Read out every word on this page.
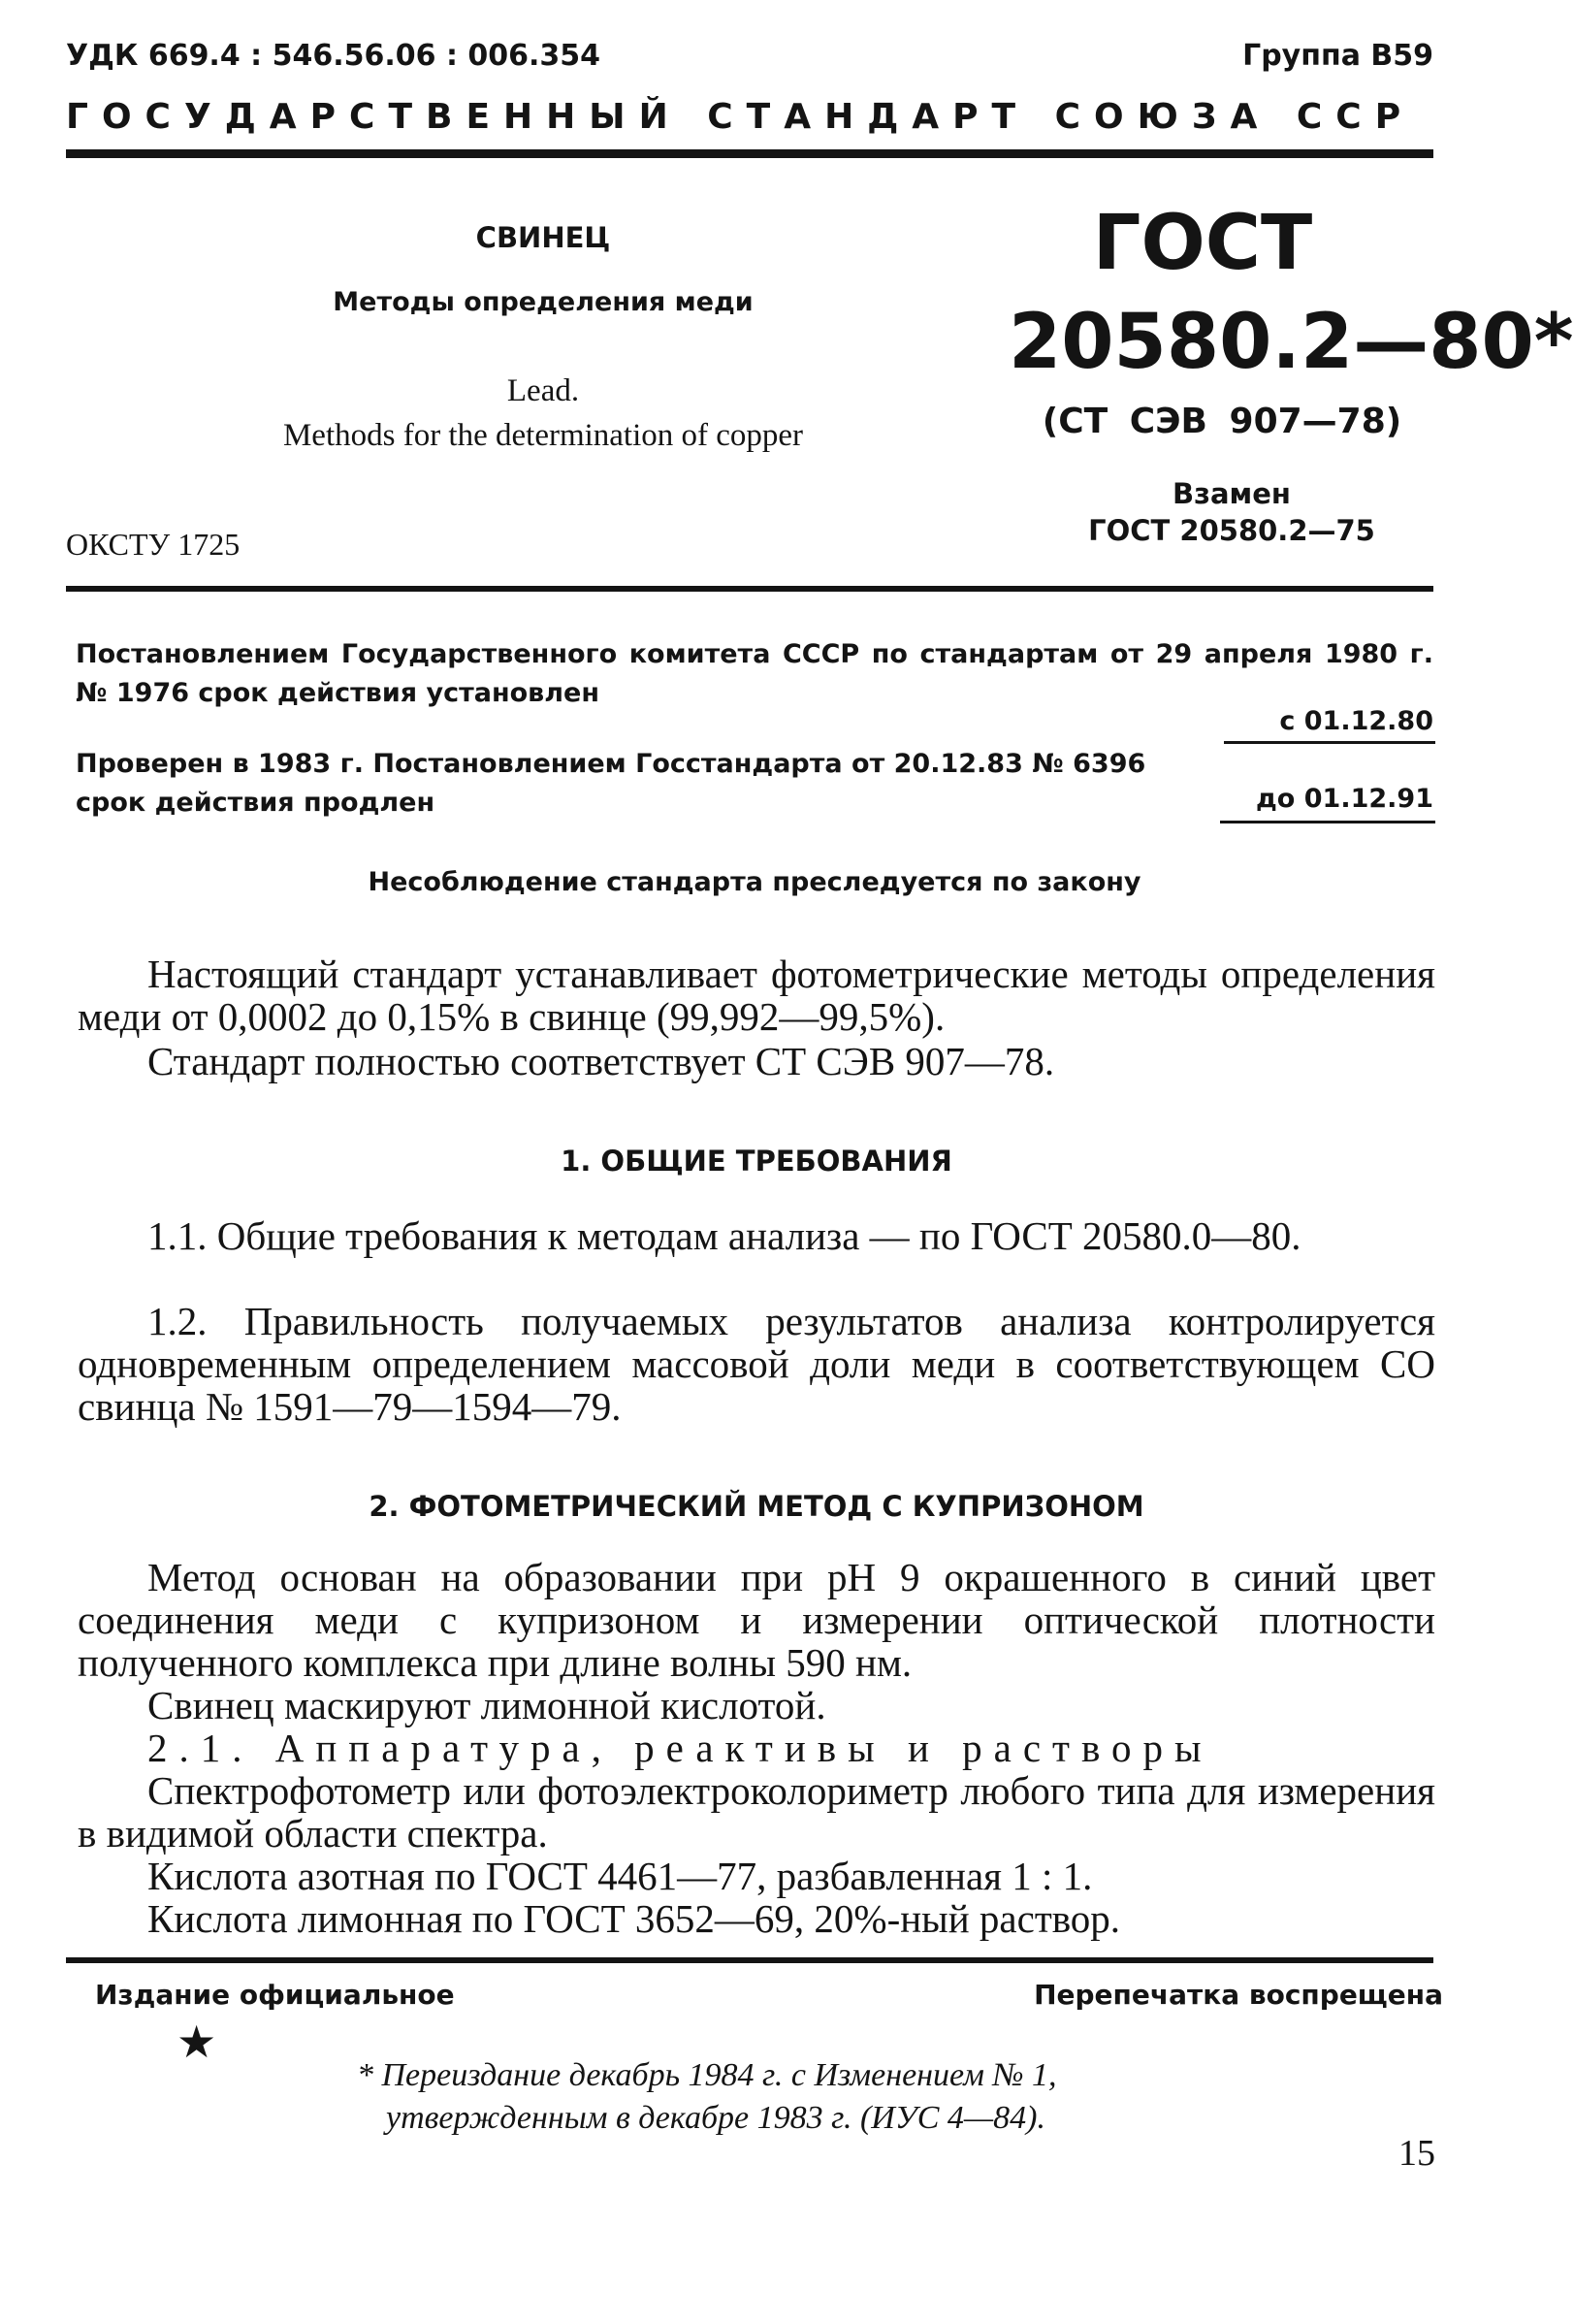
УДК 669.4 : 546.56.06 : 006.354	Группа В59
ГОСУДАРСТВЕННЫЙ СТАНДАРТ СОЮЗА ССР
СВИНЕЦ
Методы определения меди
Lead.
Methods for the determination of copper
ОКСТУ 1725
ГОСТ
20580.2—80*
(СТ СЭВ 907—78)
Взамен
ГОСТ 20580.2—75
Постановлением Государственного комитета СССР по стандартам от 29 апреля 1980 г. № 1976 срок действия установлен
с 01.12.80
Проверен в 1983 г. Постановлением Госстандарта от 20.12.83 № 6396 срок действия продлен	до 01.12.91
Несоблюдение стандарта преследуется по закону
Настоящий стандарт устанавливает фотометрические методы определения меди от 0,0002 до 0,15% в свинце (99,992—99,5%).
Стандарт полностью соответствует СТ СЭВ 907—78.
1. ОБЩИЕ ТРЕБОВАНИЯ
1.1. Общие требования к методам анализа — по ГОСТ 20580.0—80.
1.2. Правильность получаемых результатов анализа контролируется одновременным определением массовой доли меди в соответствующем СО свинца № 1591—79—1594—79.
2. ФОТОМЕТРИЧЕСКИЙ МЕТОД С КУПРИЗОНОМ
Метод основан на образовании при pH 9 окрашенного в синий цвет соединения меди с купризоном и измерении оптической плотности полученного комплекса при длине волны 590 нм.
Свинец маскируют лимонной кислотой.
2.1. Аппаратура, реактивы и растворы
Спектрофотометр или фотоэлектроколориметр любого типа для измерения в видимой области спектра.
Кислота азотная по ГОСТ 4461—77, разбавленная 1 : 1.
Кислота лимонная по ГОСТ 3652—69, 20%-ный раствор.
Издание официальное	Перепечатка воспрещена
★
* Переиздание декабрь 1984 г. с Изменением № 1,
утвержденным в декабре 1983 г. (ИУС 4—84).
15
